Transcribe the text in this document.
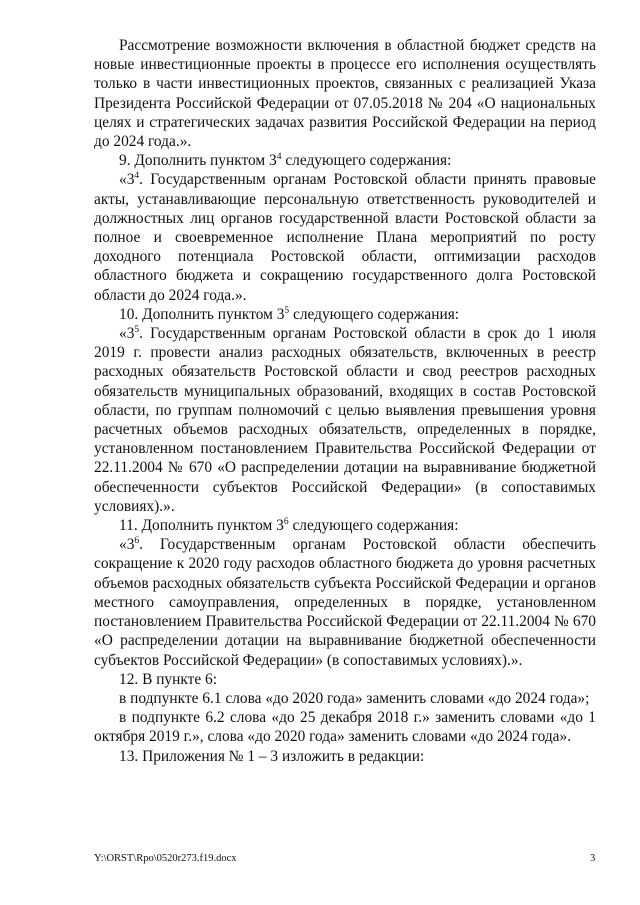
Рассмотрение возможности включения в областной бюджет средств на новые инвестиционные проекты в процессе его исполнения осуществлять только в части инвестиционных проектов, связанных с реализацией Указа Президента Российской Федерации от 07.05.2018 № 204 «О национальных целях и стратегических задачах развития Российской Федерации на период до 2024 года.».

9. Дополнить пунктом $3^4$ следующего содержания:

«$3^4$. Государственным органам Ростовской области принять правовые акты, устанавливающие персональную ответственность руководителей и должностных лиц органов государственной власти Ростовской области за полное и своевременное исполнение Плана мероприятий по росту доходного потенциала Ростовской области, оптимизации расходов областного бюджета и сокращению государственного долга Ростовской области до 2024 года.».

10. Дополнить пунктом $3^5$ следующего содержания:

«$3^5$. Государственным органам Ростовской области в срок до 1 июля 2019 г. провести анализ расходных обязательств, включенных в реестр расходных обязательств Ростовской области и свод реестров расходных обязательств муниципальных образований, входящих в состав Ростовской области, по группам полномочий с целью выявления превышения уровня расчетных объемов расходных обязательств, определенных в порядке, установленном постановлением Правительства Российской Федерации от 22.11.2004 № 670 «О распределении дотации на выравнивание бюджетной обеспеченности субъектов Российской Федерации» (в сопоставимых условиях).».

11. Дополнить пунктом $3^6$ следующего содержания:

«$3^6$. Государственным органам Ростовской области обеспечить сокращение к 2020 году расходов областного бюджета до уровня расчетных объемов расходных обязательств субъекта Российской Федерации и органов местного самоуправления, определенных в порядке, установленном постановлением Правительства Российской Федерации от 22.11.2004 № 670 «О распределении дотации на выравнивание бюджетной обеспеченности субъектов Российской Федерации» (в сопоставимых условиях).».

12. В пункте 6:

в подпункте 6.1 слова «до 2020 года» заменить словами «до 2024 года»;

в подпункте 6.2 слова «до 25 декабря 2018 г.» заменить словами «до 1 октября 2019 г.», слова «до 2020 года» заменить словами «до 2024 года».

13. Приложения № 1 – 3 изложить в редакции:

Y:\ORST\Rpo\0520r273.f19.docx	3
